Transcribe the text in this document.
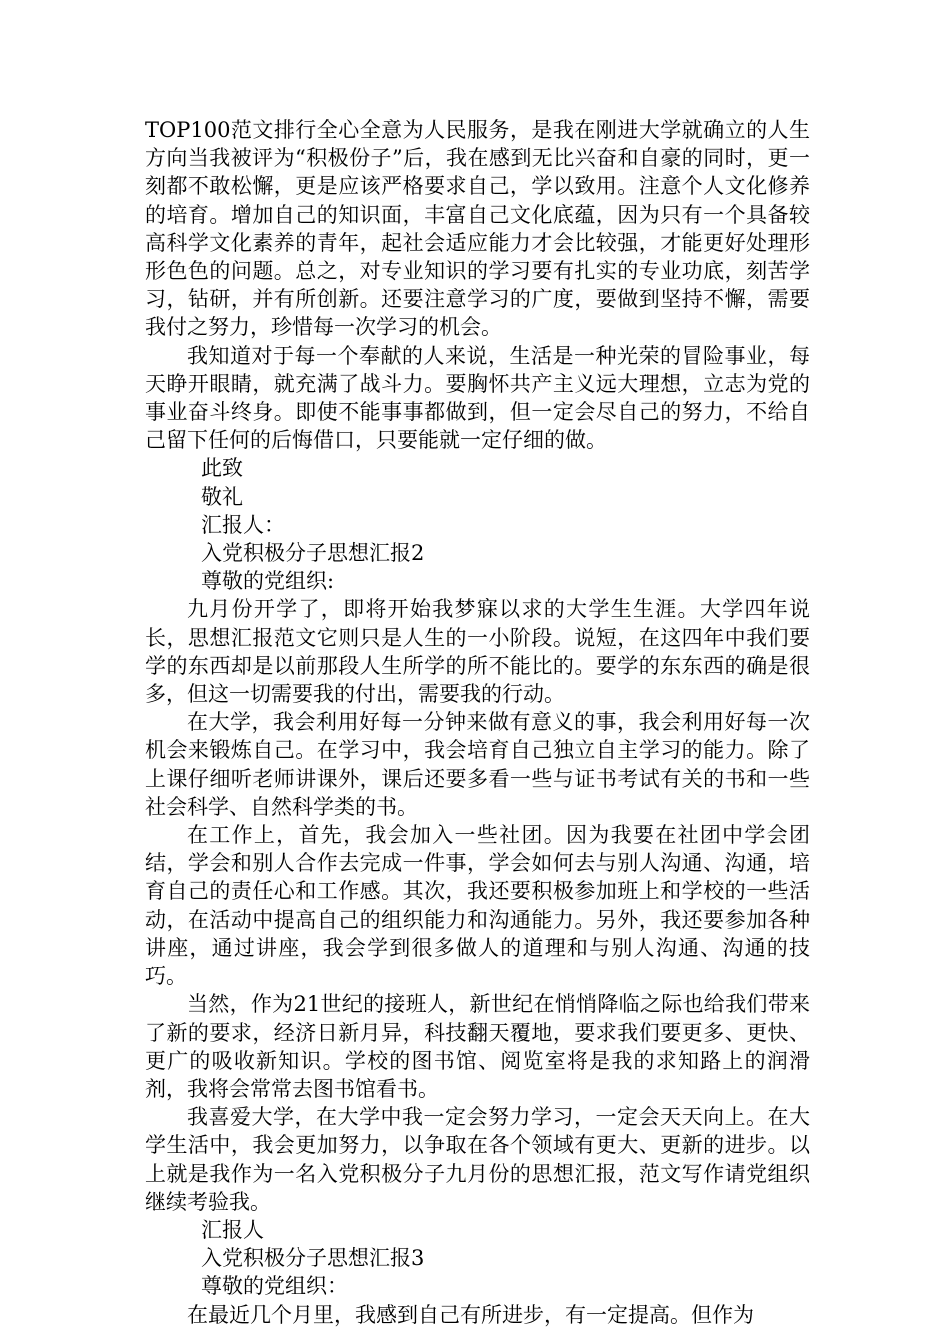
TOP100范文排行全心全意为人民服务，是我在刚进大学就确立的人生方向当我被评为“积极份子”后，我在感到无比兴奋和自豪的同时，更一刻都不敢松懈，更是应该严格要求自己，学以致用。注意个人文化修养的培育。增加自己的知识面，丰富自己文化底蕴，因为只有一个具备较高科学文化素养的青年，起社会适应能力才会比较强，才能更好处理形形色色的问题。总之，对专业知识的学习要有扎实的专业功底，刻苦学习，钻研，并有所创新。还要注意学习的广度，要做到坚持不懈，需要我付之努力，珍惜每一次学习的机会。

我知道对于每一个奉献的人来说，生活是一种光荣的冒险事业，每天睁开眼睛，就充满了战斗力。要胸怀共产主义远大理想，立志为党的事业奋斗终身。即使不能事事都做到，但一定会尽自己的努力，不给自己留下任何的后悔借口，只要能就一定仔细的做。

此致

敬礼

汇报人：

入党积极分子思想汇报2

尊敬的党组织:

九月份开学了，即将开始我梦寐以求的大学生生涯。大学四年说长，思想汇报范文它则只是人生的一小阶段。说短，在这四年中我们要学的东西却是以前那段人生所学的所不能比的。要学的东东西的确是很多，但这一切需要我的付出，需要我的行动。

在大学，我会利用好每一分钟来做有意义的事，我会利用好每一次机会来锻炼自己。在学习中，我会培育自己独立自主学习的能力。除了上课仔细听老师讲课外，课后还要多看一些与证书考试有关的书和一些社会科学、自然科学类的书。

在工作上，首先，我会加入一些社团。因为我要在社团中学会团结，学会和别人合作去完成一件事，学会如何去与别人沟通、沟通，培育自己的责任心和工作感。其次，我还要积极参加班上和学校的一些活动，在活动中提高自己的组织能力和沟通能力。另外，我还要参加各种讲座，通过讲座，我会学到很多做人的道理和与别人沟通、沟通的技巧。

当然，作为21世纪的接班人，新世纪在悄悄降临之际也给我们带来了新的要求，经济日新月异，科技翻天覆地，要求我们要更多、更快、更广的吸收新知识。学校的图书馆、阅览室将是我的求知路上的润滑剂，我将会常常去图书馆看书。

我喜爱大学，在大学中我一定会努力学习，一定会天天向上。在大学生活中，我会更加努力，以争取在各个领域有更大、更新的进步。以上就是我作为一名入党积极分子九月份的思想汇报，范文写作请党组织继续考验我。

汇报人

入党积极分子思想汇报3

尊敬的党组织：

在最近几个月里，我感到自己有所进步，有一定提高。但作为
